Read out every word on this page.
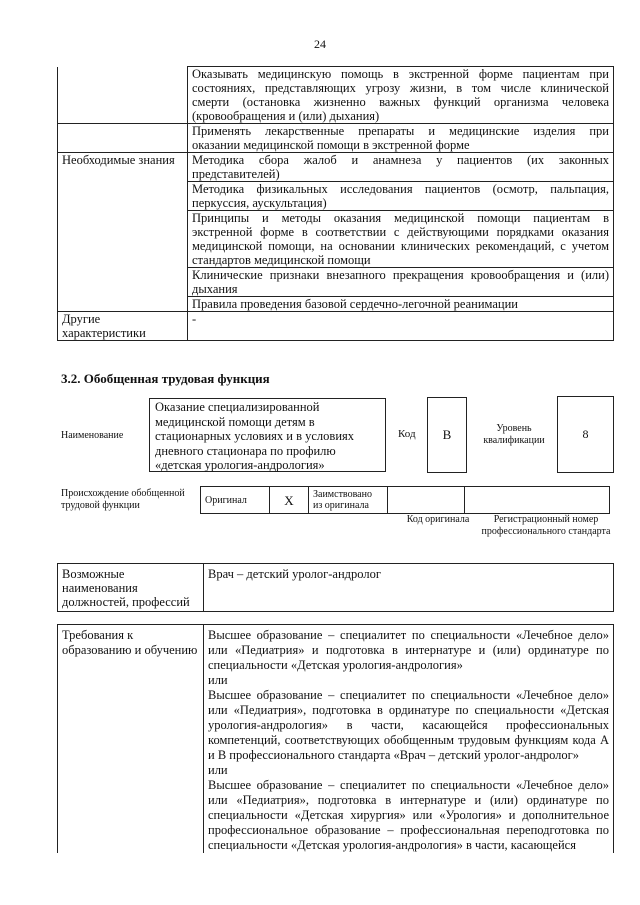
24

	Оказывать медицинскую помощь в экстренной форме пациентам при
состояниях, представляющих угрозу жизни, в том числе клинической
смерти (остановка жизненно важных функций организма человека
(кровообращения и (или) дыхания)

	Применять лекарственные препараты и медицинские изделия при
оказании медицинской помощи в экстренной форме

Необходимые знания	Методика сбора жалоб и анамнеза у пациентов (их законных
представителей)

	Методика физикальных исследования пациентов (осмотр, пальпация,
перкуссия, аускультация)

	Принципы и методы оказания медицинской помощи пациентам в
экстренной форме в соответствии с действующими порядками оказания
медицинской помощи, на основании клинических рекомендаций, с учетом
стандартов медицинской помощи

	Клинические признаки внезапного прекращения кровообращения и (или)
дыхания

	Правила проведения базовой сердечно-легочной реанимации

Другие характеристики	-
3.2. Обобщенная трудовая функция
Наименование
Оказание специализированной медицинской помощи детям в стационарных условиях и в условиях дневного стационара по профилю «детская урология-андрология»
Код	В	Уровень квалификации	8
Происхождение обобщенной трудовой функции	Оригинал	X	Заимствовано из оригинала		
Код оригинала	Регистрационный номер профессионального стандарта
Возможные наименования должностей, профессий	Врач – детский уролог-андролог
Требования к образованию и обучению	
Высшее образование – специалитет по специальности «Лечебное дело» или «Педиатрия» и подготовка в интернатуре и (или) ординатуре по специальности «Детская урология-андрология»
или
Высшее образование – специалитет по специальности «Лечебное дело» или «Педиатрия», подготовка в ординатуре по специальности «Детская урология-андрология» в части, касающейся профессиональных компетенций, соответствующих обобщенным трудовым функциям кода А и В профессионального стандарта «Врач – детский уролог-андролог»
или
Высшее образование – специалитет по специальности «Лечебное дело» или «Педиатрия», подготовка в интернатуре и (или) ординатуре по специальности «Детская хирургия» или «Урология» и дополнительное профессиональное образование – профессиональная переподготовка по специальности «Детская урология-андрология» в части, касающейся
